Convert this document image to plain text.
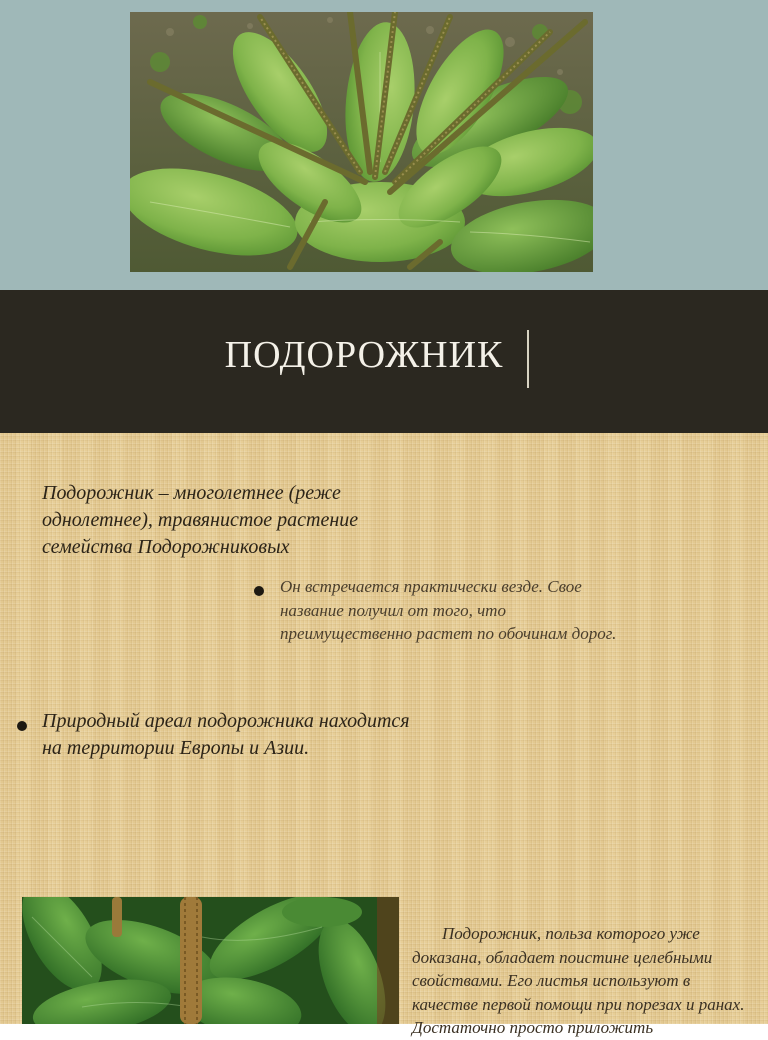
ПОДОРОЖНИК
Подорожник – многолетнее (реже однолетнее), травянистое растение семейства Подорожниковых
Он встречается практически везде. Свое название получил от того, что преимущественно растет по обочинам дорог.
Природный ареал подорожника находится на территории Европы и Азии.
Подорожник, польза которого уже доказана, обладает поистине целебными свойствами. Его листья используют в качестве первой помощи при порезах и ранах. Достаточно просто приложить
